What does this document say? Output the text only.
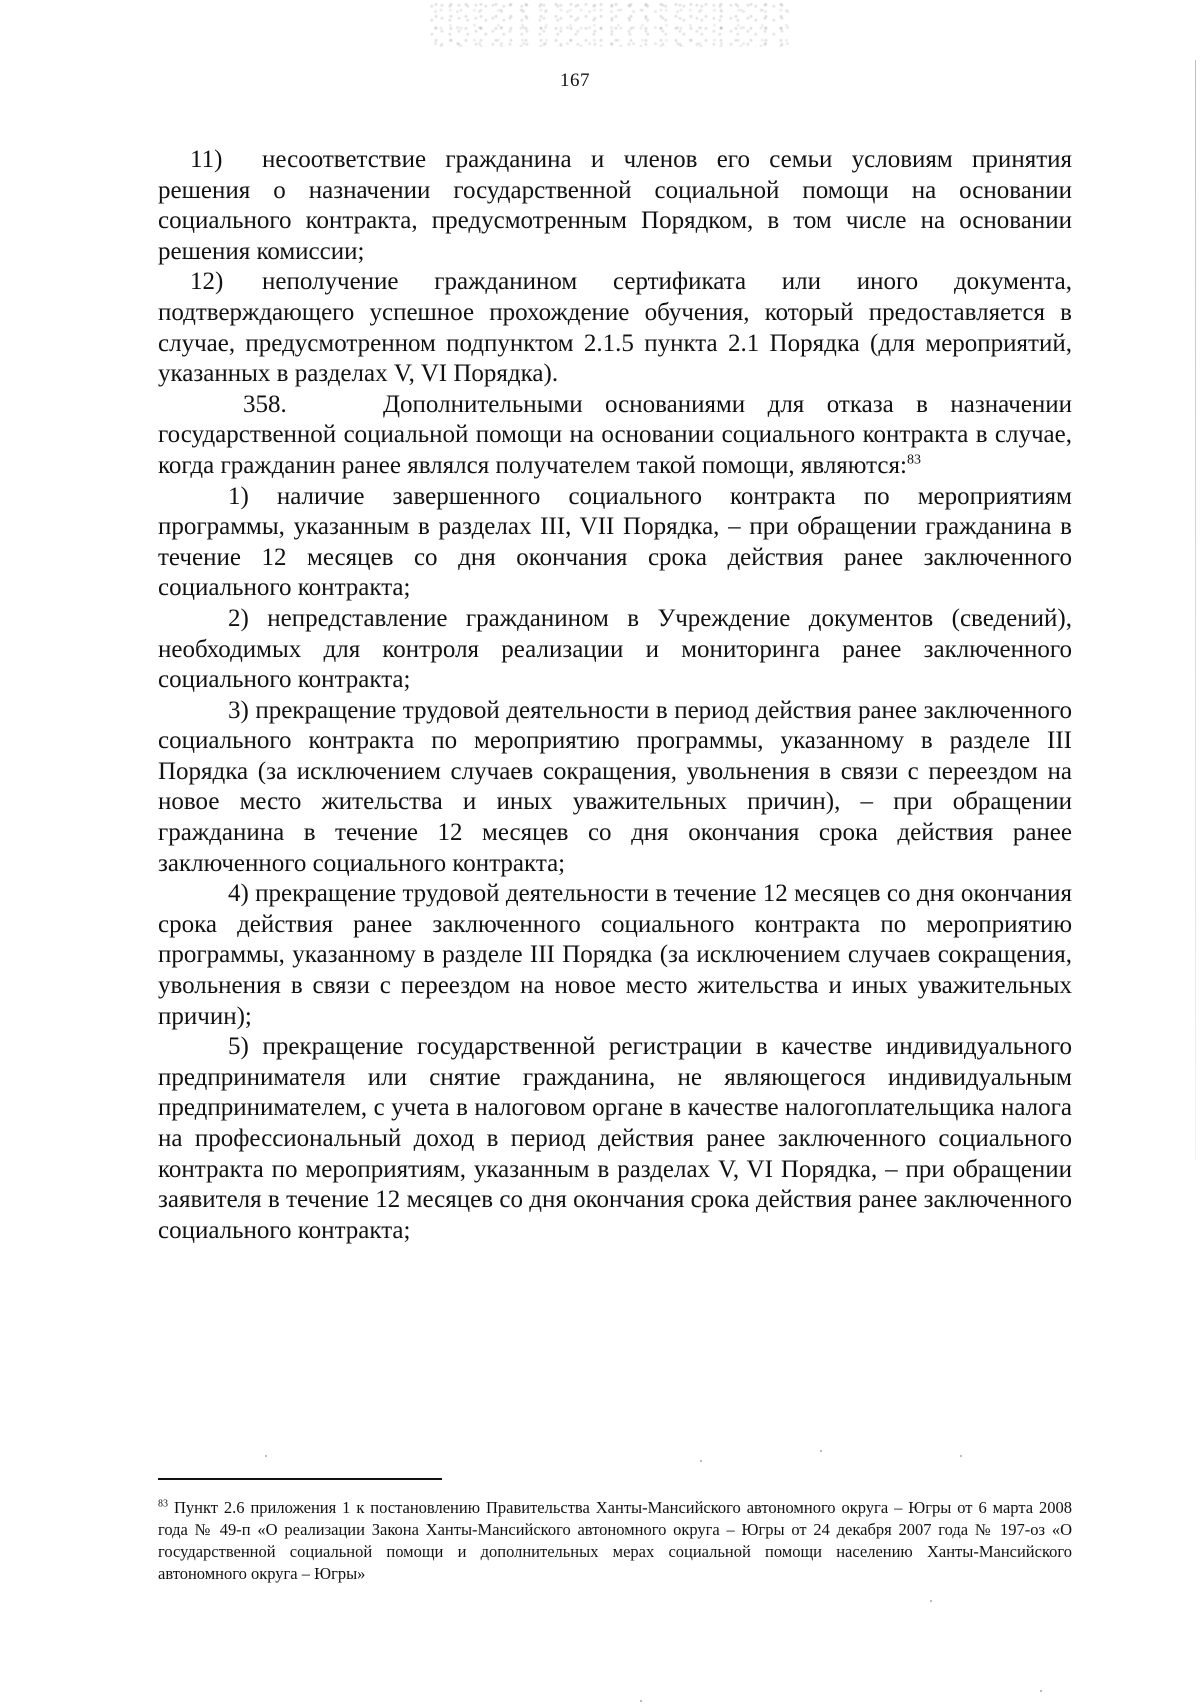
167

11) несоответствие гражданина и членов его семьи условиям принятия решения о назначении государственной социальной помощи на основании социального контракта, предусмотренным Порядком, в том числе на основании решения комиссии;

12) неполучение гражданином сертификата или иного документа, подтверждающего успешное прохождение обучения, который предоставляется в случае, предусмотренном подпунктом 2.1.5 пункта 2.1 Порядка (для мероприятий, указанных в разделах V, VI Порядка).

358.	Дополнительными основаниями для отказа в назначении государственной социальной помощи на основании социального контракта в случае, когда гражданин ранее являлся получателем такой помощи, являются:$^{83}$

1) наличие завершенного социального контракта по мероприятиям программы, указанным в разделах III, VII Порядка, – при обращении гражданина в течение 12 месяцев со дня окончания срока действия ранее заключенного социального контракта;

2) непредставление гражданином в Учреждение документов (сведений), необходимых для контроля реализации и мониторинга ранее заключенного социального контракта;

3) прекращение трудовой деятельности в период действия ранее заключенного социального контракта по мероприятию программы, указанному в разделе III Порядка (за исключением случаев сокращения, увольнения в связи с переездом на новое место жительства и иных уважительных причин), – при обращении гражданина в течение 12 месяцев со дня окончания срока действия ранее заключенного социального контракта;

4) прекращение трудовой деятельности в течение 12 месяцев со дня окончания срока действия ранее заключенного социального контракта по мероприятию программы, указанному в разделе III Порядка (за исключением случаев сокращения, увольнения в связи с переездом на новое место жительства и иных уважительных причин);

5) прекращение государственной регистрации в качестве индивидуального предпринимателя или снятие гражданина, не являющегося индивидуальным предпринимателем, с учета в налоговом органе в качестве налогоплательщика налога на профессиональный доход в период действия ранее заключенного социального контракта по мероприятиям, указанным в разделах V, VI Порядка, – при обращении заявителя в течение 12 месяцев со дня окончания срока действия ранее заключенного социального контракта;

$^{83}$ Пункт 2.6 приложения 1 к постановлению Правительства Ханты-Мансийского автономного округа – Югры от 6 марта 2008 года № 49-п «О реализации Закона Ханты-Мансийского автономного округа – Югры от 24 декабря 2007 года № 197-оз «О государственной социальной помощи и дополнительных мерах социальной помощи населению Ханты-Мансийского автономного округа – Югры»
